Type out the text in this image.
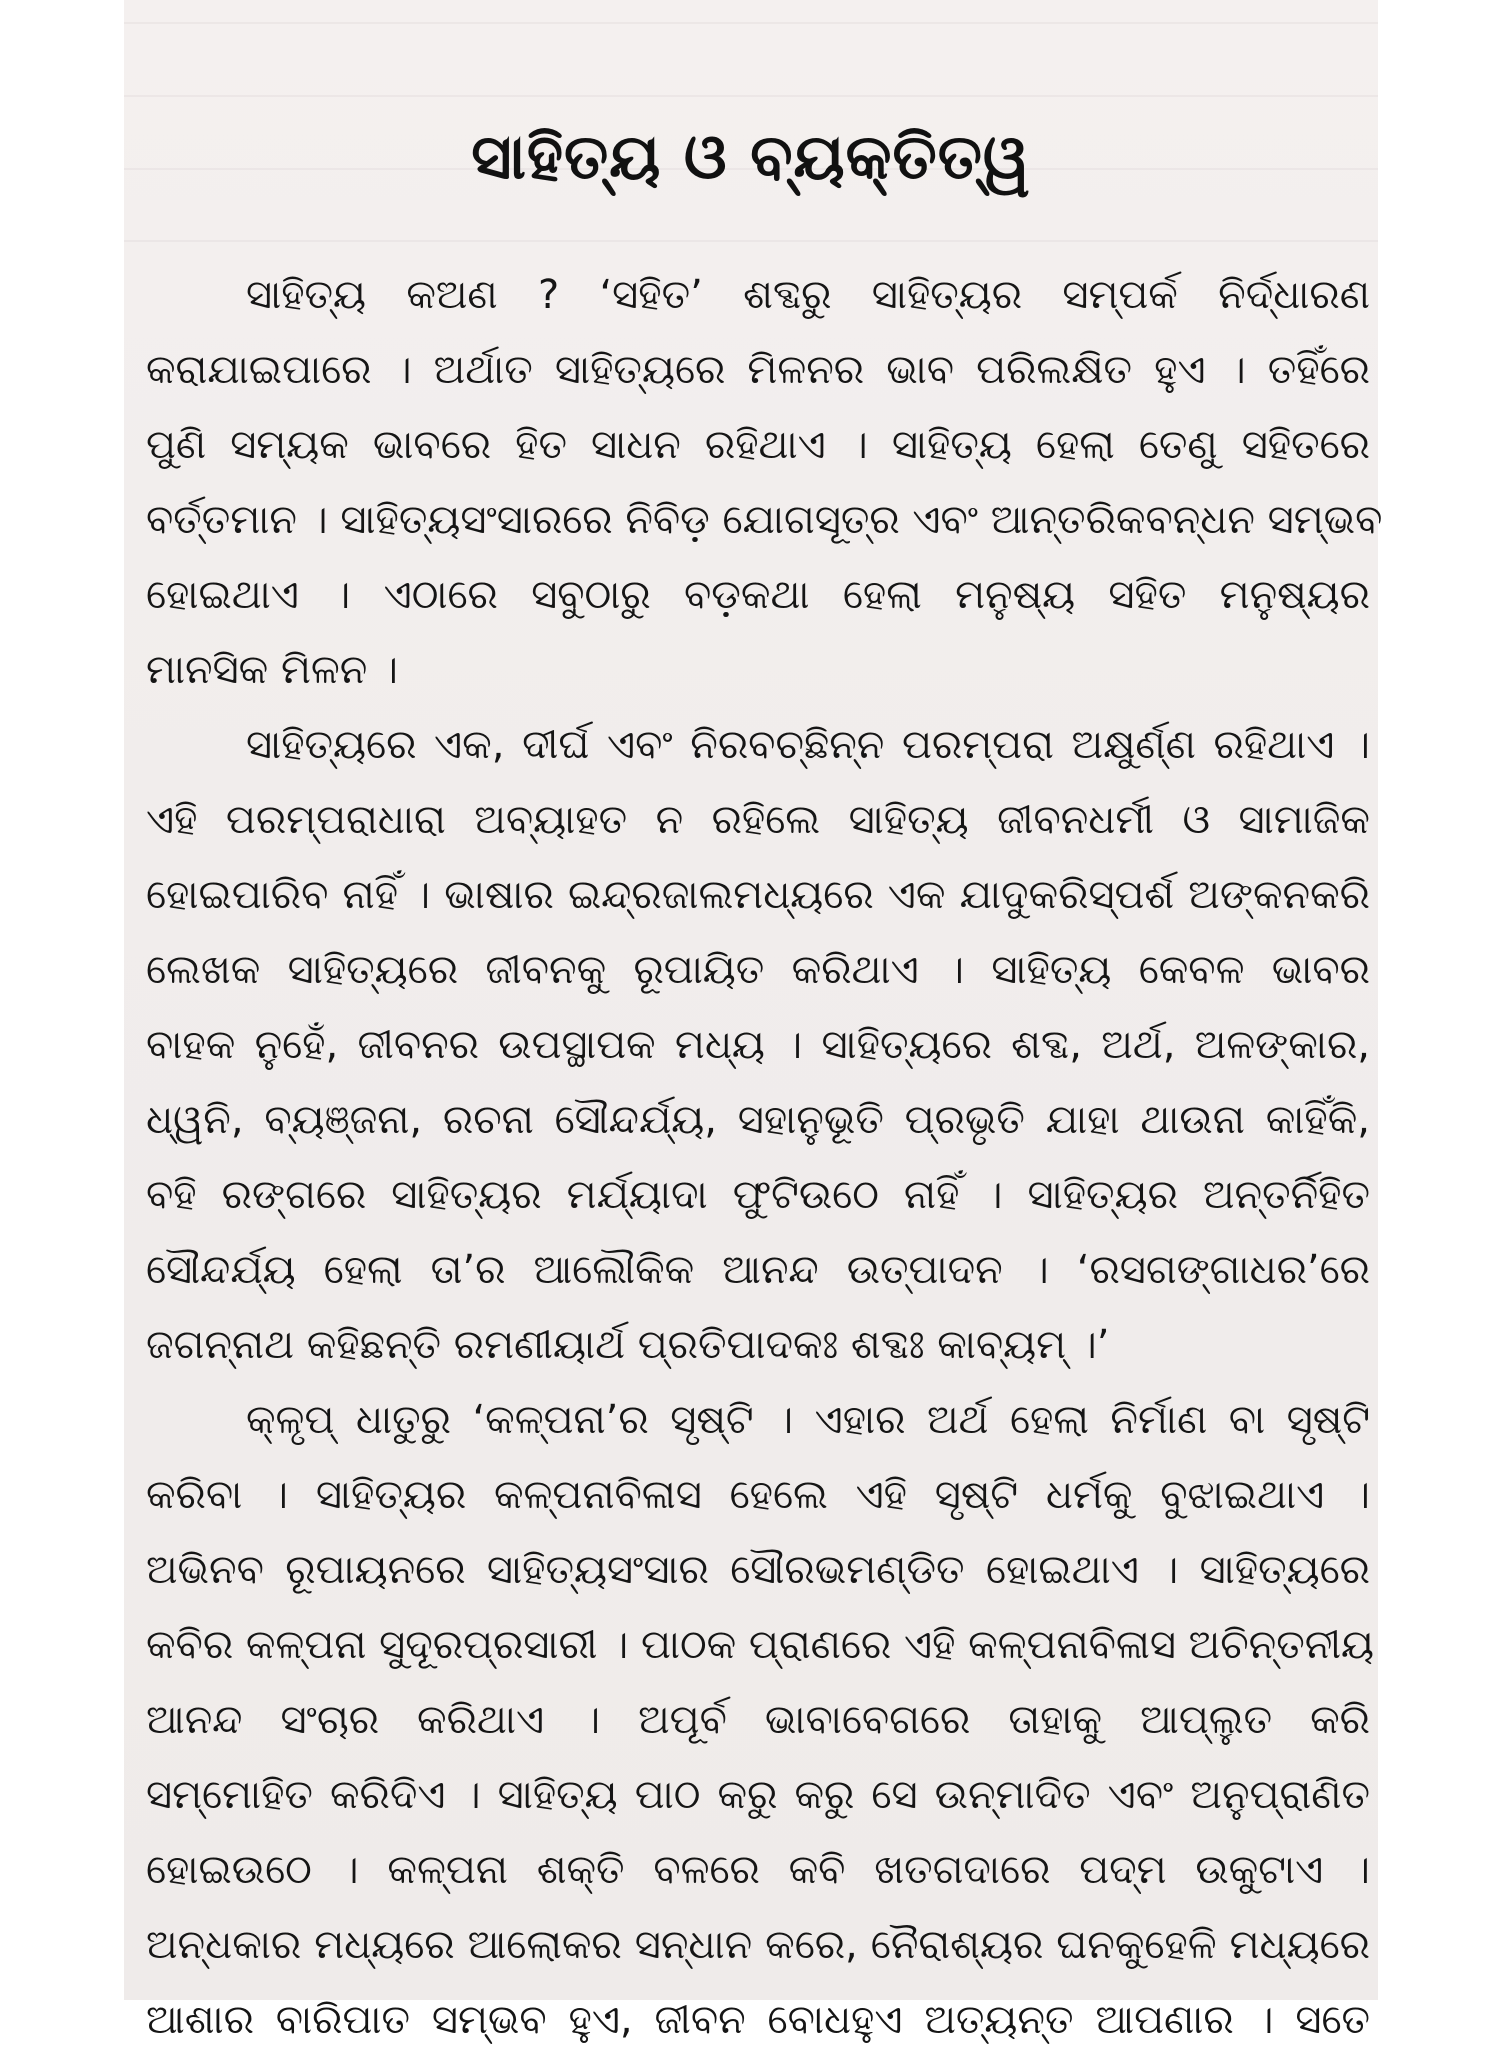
ସାହିତ୍ୟ ଓ ବ୍ୟକ୍ତିତ୍ୱ
ସାହିତ୍ୟ କଅଣ ? ‘ସହିତ’ ଶବ୍ଦରୁ ସାହିତ୍ୟର ସମ୍ପର୍କ ନିର୍ଦ୍ଧାରଣ
କରାଯାଇପାରେ । ଅର୍ଥାତ ସାହିତ୍ୟରେ ମିଳନର ଭାବ ପରିଲକ୍ଷିତ ହୁଏ । ତହିଁରେ
ପୁଣି ସମ୍ୟକ ଭାବରେ ହିତ ସାଧନ ରହିଥାଏ । ସାହିତ୍ୟ ହେଲା ତେଣୁ ସହିତରେ
ବର୍ତ୍ତମାନ । ସାହିତ୍ୟସଂସାରରେ ନିବିଡ଼ ଯୋଗସୂତ୍ର ଏବଂ ଆନ୍ତରିକବନ୍ଧନ ସମ୍ଭବ
ହୋଇଥାଏ । ଏଠାରେ ସବୁଠାରୁ ବଡ଼କଥା ହେଲା ମନୁଷ୍ୟ ସହିତ ମନୁଷ୍ୟର
ମାନସିକ ମିଳନ ।
ସାହିତ୍ୟରେ ଏକ, ଦୀର୍ଘ ଏବଂ ନିରବଚ୍ଛିନ୍ନ ପରମ୍ପରା ଅକ୍ଷୁର୍ଣ୍ଣ ରହିଥାଏ ।
ଏହି ପରମ୍ପରାଧାରା ଅବ୍ୟାହତ ନ ରହିଲେ ସାହିତ୍ୟ ଜୀବନଧର୍ମୀ ଓ ସାମାଜିକ
ହୋଇପାରିବ ନାହିଁ । ଭାଷାର ଇନ୍ଦ୍ରଜାଲମଧ୍ୟରେ ଏକ ଯାଦୁକରିସ୍ପର୍ଶ ଅଙ୍କନକରି
ଲେଖକ ସାହିତ୍ୟରେ ଜୀବନକୁ ରୂପାୟିତ କରିଥାଏ । ସାହିତ୍ୟ କେବଳ ଭାବର
ବାହକ ନୁହେଁ, ଜୀବନର ଉପସ୍ଥାପକ ମଧ୍ୟ । ସାହିତ୍ୟରେ ଶବ୍ଦ, ଅର୍ଥ, ଅଳଙ୍କାର,
ଧ୍ୱନି, ବ୍ୟଞ୍ଜନା, ରଚନା ସୌନ୍ଦର୍ଯ୍ୟ, ସହାନୁଭୂତି ପ୍ରଭୃତି ଯାହା ଥାଉନା କାହିଁକି,
ବହି ରଙ୍ଗରେ ସାହିତ୍ୟର ମର୍ଯ୍ୟାଦା ଫୁଟିଉଠେ ନାହିଁ । ସାହିତ୍ୟର ଅନ୍ତର୍ନିହିତ
ସୌନ୍ଦର୍ଯ୍ୟ ହେଲା ତା’ର ଆଲୌକିକ ଆନନ୍ଦ ଉତ୍ପାଦନ । ‘ରସଗଙ୍ଗାଧର’ରେ
ଜଗନ୍ନାଥ କହିଛନ୍ତି ରମଣୀୟାର୍ଥ ପ୍ରତିପାଦକଃ ଶବ୍ଦଃ କାବ୍ୟମ୍ ।’
କ୍ଳୃପ୍ ଧାତୁରୁ ‘କଳ୍ପନା’ର ସୃଷ୍ଟି । ଏହାର ଅର୍ଥ ହେଲା ନିର୍ମାଣ ବା ସୃଷ୍ଟି
କରିବା । ସାହିତ୍ୟର କଳ୍ପନାବିଳାସ ହେଲେ ଏହି ସୃଷ୍ଟି ଧର୍ମକୁ ବୁଝାଇଥାଏ ।
ଅଭିନବ ରୂପାୟନରେ ସାହିତ୍ୟସଂସାର ସୌରଭମଣ୍ଡିତ ହୋଇଥାଏ । ସାହିତ୍ୟରେ
କବିର କଳ୍ପନା ସୁଦୂରପ୍ରସାରୀ । ପାଠକ ପ୍ରାଣରେ ଏହି କଳ୍ପନାବିଳାସ ଅଚିନ୍ତନୀୟ
ଆନନ୍ଦ ସଂଚାର କରିଥାଏ । ଅପୂର୍ବ ଭାବାବେଗରେ ତାହାକୁ ଆପ୍ଲୁତ କରି
ସମ୍ମୋହିତ କରିଦିଏ । ସାହିତ୍ୟ ପାଠ କରୁ କରୁ ସେ ଉନ୍ମାଦିତ ଏବଂ ଅନୁପ୍ରାଣିତ
ହୋଇଉଠେ । କଳ୍ପନା ଶକ୍ତି ବଳରେ କବି ଖତଗଦାରେ ପଦ୍ମ ଉକୁଟାଏ ।
ଅନ୍ଧକାର ମଧ୍ୟରେ ଆଲୋକର ସନ୍ଧାନ କରେ, ନୈରାଶ୍ୟର ଘନକୁହେଳି ମଧ୍ୟରେ
ଆଶାର ବାରିପାତ ସମ୍ଭବ ହୁଏ, ଜୀବନ ବୋଧହୁଏ ଅତ୍ୟନ୍ତ ଆପଣାର । ସତେ
